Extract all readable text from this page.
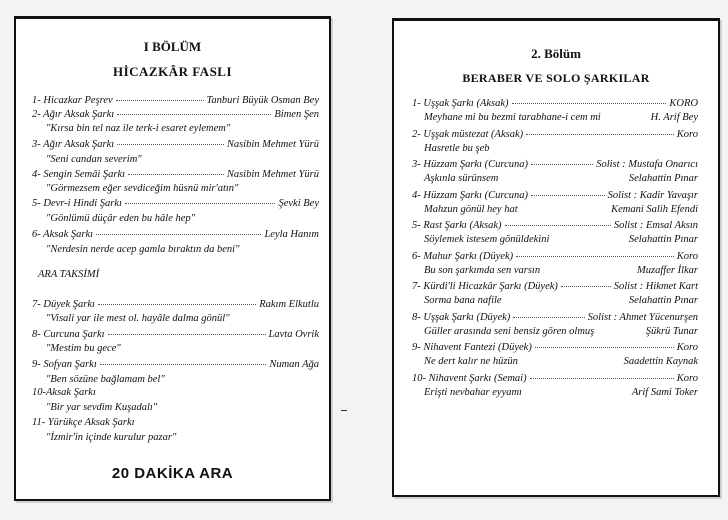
I BÖLÜM
HİCAZKÂR FASLI
1- Hicazkar Peşrev	Tanburi Büyük Osman Bey
2- Ağır Aksak Şarkı	Bimen Şen
"Kırsa bin tel naz ile terk-i esaret eylemem"
3- Ağır Aksak Şarkı	Nasibin Mehmet Yürü
"Seni candan severim"
4- Sengin Semâi Şarkı	Nasibin Mehmet Yürü
"Görmezsem eğer sevdiceğim hüsnü mir'atın"
5- Devr-i Hindi Şarkı	Şevki Bey
"Gönlümü düçâr eden bu hâle hep"
6- Aksak Şarkı	Leyla Hanım
"Nerdesin nerde acep gamla bıraktın da beni"
ARA TAKSİMİ
7- Düyek Şarkı	Rakım Elkutlu
"Visali yar ile mest ol. hayâle dalma gönül"
8- Curcuna Şarkı	Lavta Ovrik
"Mestim bu gece"
9- Sofyan Şarkı	Numan Ağa
"Ben sözüne bağlamam bel"
10-Aksak Şarkı
"Bir yar sevdim Kuşadalı"
11- Yürükçe Aksak Şarkı
"İzmir'in içinde kurulur pazar"
20 DAKİKA ARA
2. Bölüm
BERABER VE SOLO ŞARKILAR
1- Uşşak Şarkı (Aksak)	KORO
Meyhane mi bu bezmi tarabhane-i cem mi	H. Arif Bey
2- Uşşak müstezat (Aksak)	Koro
Hasretle bu şeb
3- Hüzzam Şarkı (Curcuna)	Solist : Mustafa Onarıcı
Aşkınla sürünsem	Selahattin Pınar
4- Hüzzam Şarkı (Curcuna)	Solist : Kadir Yavaşır
Mahzun gönül hey hat	Kemani Salih Efendi
5- Rast Şarkı (Aksak)	Solist : Emsal Aksın
Söylemek istesem gönüldekini	Selahattin Pınar
6- Mahur Şarkı (Düyek)	Koro
Bu son şarkımda sen varsın	Muzaffer İlkar
7- Kürdi'li Hicazkâr Şarkı (Düyek)	Solist : Hikmet Kart
Sorma bana nafile	Selahattin Pınar
8- Uşşak Şarkı (Düyek)	Solist : Ahmet Yücenurşen
Güller arasında seni bensiz gören olmuş	Şükrü Tunar
9- Nihavent Fantezi (Düyek)	Koro
Ne dert kalır ne hüzün	Saadettin Kaynak
10- Nihavent Şarkı (Semai)	Koro
Erişti nevbahar eyyamı	Arif Sami Toker
